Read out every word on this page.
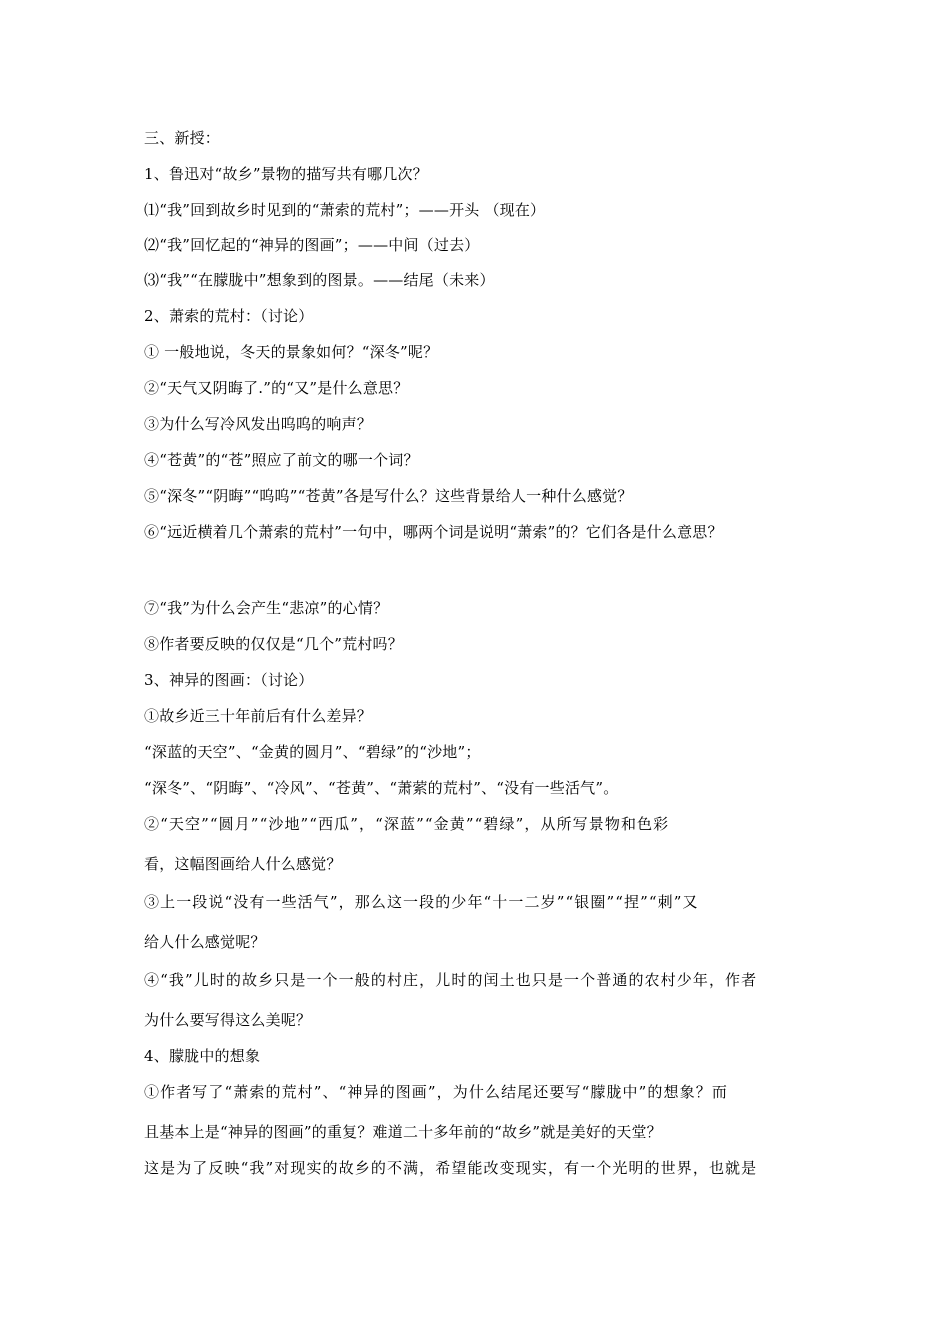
三、新授：
1、鲁迅对“故乡”景物的描写共有哪几次？
⑴“我”回到故乡时见到的“萧索的荒村”；——开头 （现在）
⑵“我”回忆起的“神异的图画”；——中间（过去）
⑶“我”“在朦胧中”想象到的图景。——结尾（未来）
2、萧索的荒村：（讨论）
① 一般地说，冬天的景象如何？“深冬”呢？
②“天气又阴晦了.”的“又”是什么意思？
③为什么写冷风发出呜呜的响声？
④“苍黄”的“苍”照应了前文的哪一个词？
⑤“深冬”“阴晦”“呜呜”“苍黄”各是写什么？这些背景给人一种什么感觉？
⑥“远近横着几个萧索的荒村”一句中，哪两个词是说明“萧索”的？它们各是什么意思？
⑦“我”为什么会产生“悲凉”的心情？
⑧作者要反映的仅仅是“几个”荒村吗？
3、神异的图画：（讨论）
①故乡近三十年前后有什么差异？
“深蓝的天空”、“金黄的圆月”、“碧绿”的“沙地”；
“深冬”、“阴晦”、“冷风”、“苍黄”、“萧萦的荒村”、“没有一些活气”。
②“天空”“圆月”“沙地”“西瓜”，“深蓝”“金黄”“碧绿”，从所写景物和色彩
看，这幅图画给人什么感觉？
③上一段说“没有一些活气”，那么这一段的少年“十一二岁”“银圈”“捏”“刺”又
给人什么感觉呢？
④“我”儿时的故乡只是一个一般的村庄，儿时的闰土也只是一个普通的农村少年，作者
为什么要写得这么美呢？
4、朦胧中的想象
①作者写了“萧索的荒村”、“神异的图画”，为什么结尾还要写“朦胧中”的想象？而
且基本上是“神异的图画”的重复？难道二十多年前的“故乡”就是美好的天堂？
这是为了反映“我”对现实的故乡的不满，希望能改变现实，有一个光明的世界，也就是
